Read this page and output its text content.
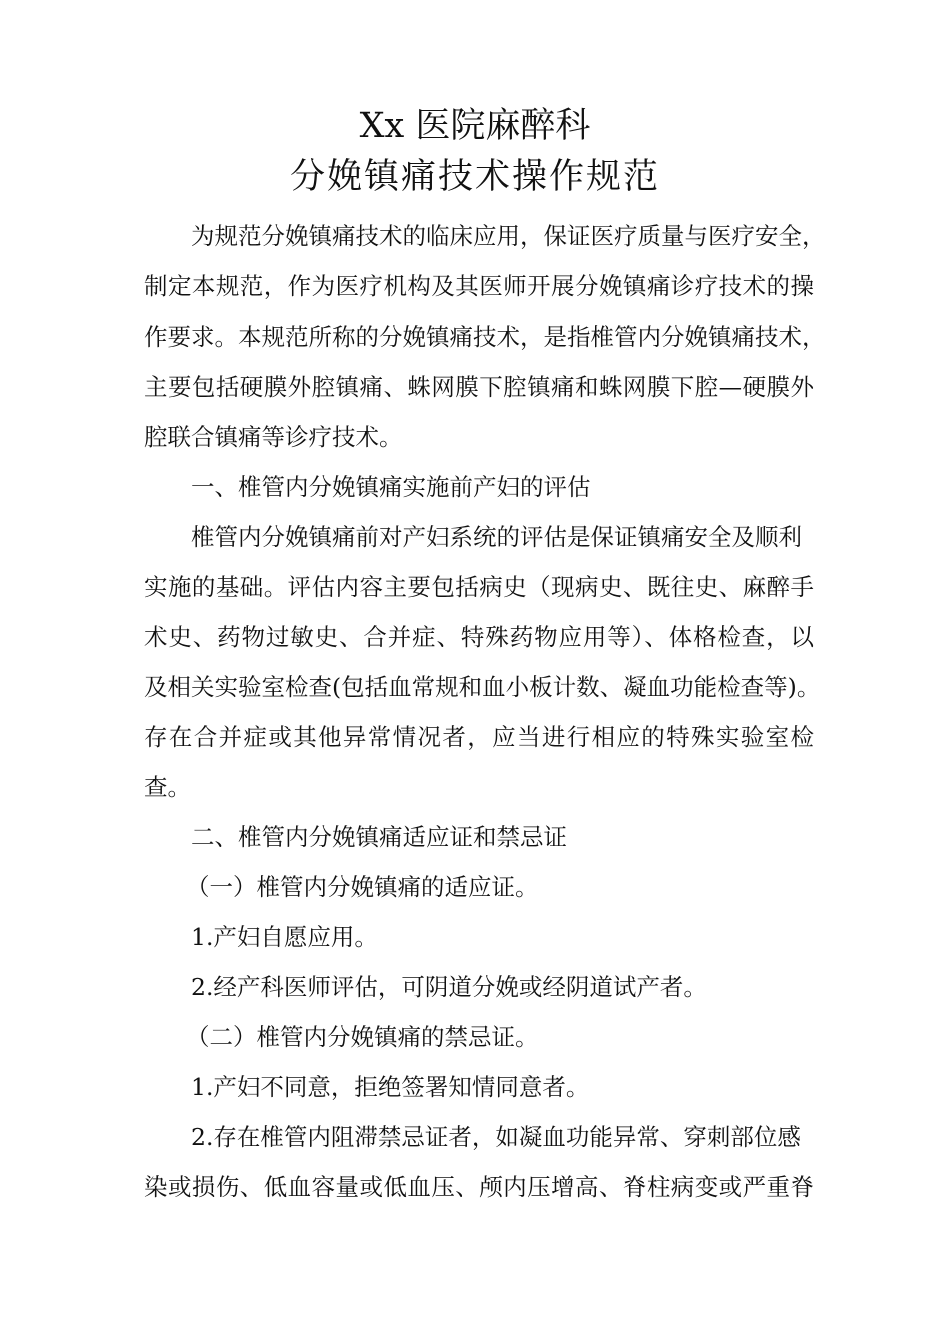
Xx 医院麻醉科
分娩镇痛技术操作规范
为规范分娩镇痛技术的临床应用，保证医疗质量与医疗安全，
制定本规范，作为医疗机构及其医师开展分娩镇痛诊疗技术的操
作要求。本规范所称的分娩镇痛技术，是指椎管内分娩镇痛技术，
主要包括硬膜外腔镇痛、蛛网膜下腔镇痛和蛛网膜下腔—硬膜外
腔联合镇痛等诊疗技术。
一、椎管内分娩镇痛实施前产妇的评估
椎管内分娩镇痛前对产妇系统的评估是保证镇痛安全及顺利
实施的基础。评估内容主要包括病史（现病史、既往史、麻醉手
术史、药物过敏史、合并症、特殊药物应用等）、体格检查，以
及相关实验室检查(包括血常规和血小板计数、凝血功能检查等)。
存在合并症或其他异常情况者，应当进行相应的特殊实验室检
查。
二、椎管内分娩镇痛适应证和禁忌证
（一）椎管内分娩镇痛的适应证。
1.产妇自愿应用。
2.经产科医师评估，可阴道分娩或经阴道试产者。
（二）椎管内分娩镇痛的禁忌证。
1.产妇不同意，拒绝签署知情同意者。
2.存在椎管内阻滞禁忌证者，如凝血功能异常、穿刺部位感
染或损伤、低血容量或低血压、颅内压增高、脊柱病变或严重脊
